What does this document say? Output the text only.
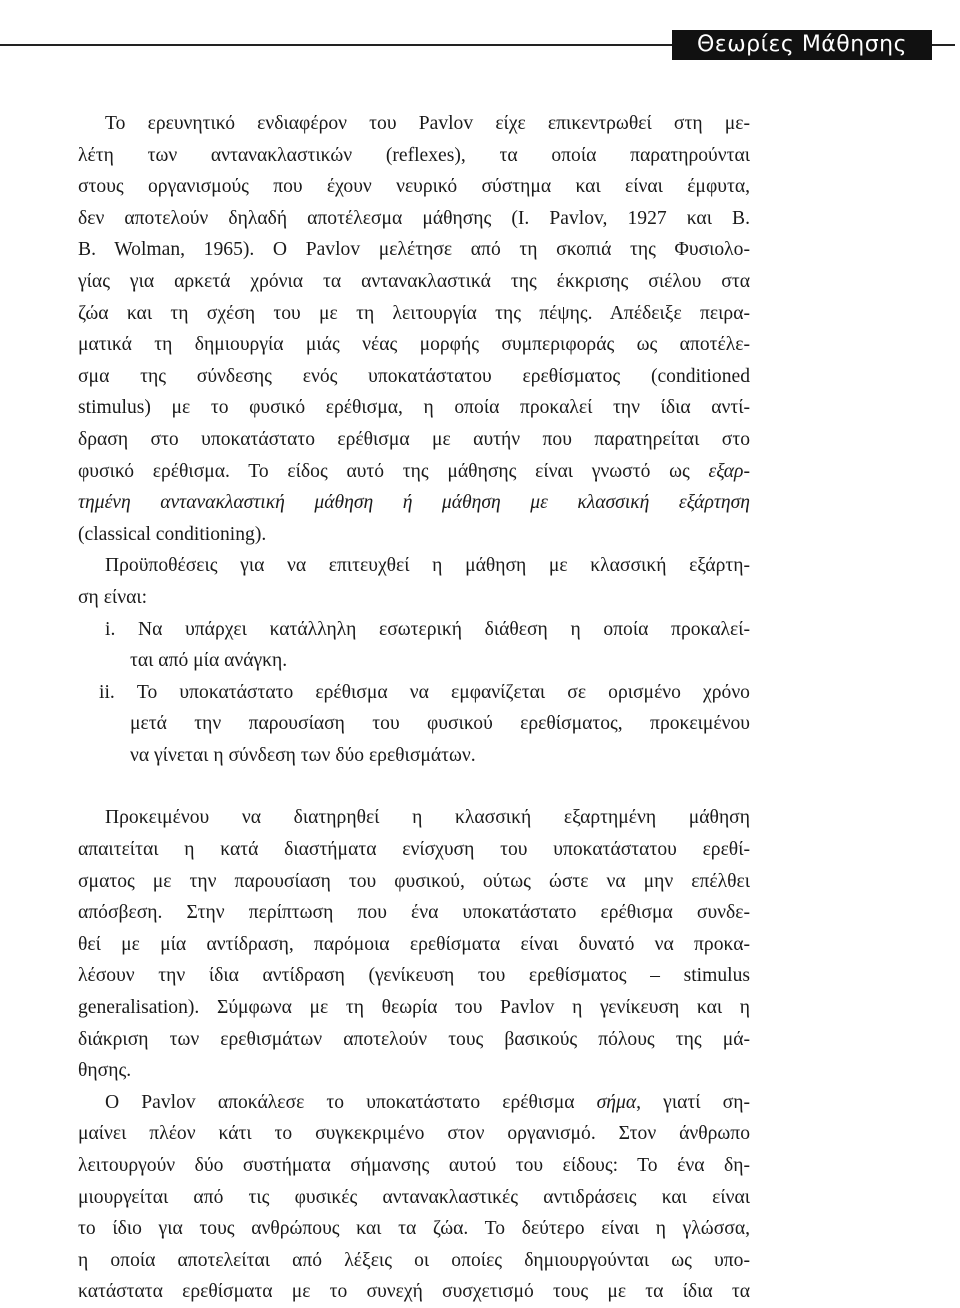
Θεωρίες Μάθησης
Το ερευνητικό ενδιαφέρον του Pavlov είχε επικεντρωθεί στη με-
λέτη των αντανακλαστικών (reflexes), τα οποία παρατηρούνται
στους οργανισμούς που έχουν νευρικό σύστημα και είναι έμφυτα,
δεν αποτελούν δηλαδή αποτέλεσμα μάθησης (I. Pavlov, 1927 και B.
B. Wolman, 1965). Ο Pavlov μελέτησε από τη σκοπιά της Φυσιολο-
γίας για αρκετά χρόνια τα αντανακλαστικά της έκκρισης σιέλου στα
ζώα και τη σχέση του με τη λειτουργία της πέψης. Απέδειξε πειρα-
ματικά τη δημιουργία μιάς νέας μορφής συμπεριφοράς ως αποτέλε-
σμα της σύνδεσης ενός υποκατάστατου ερεθίσματος (conditioned
stimulus) με το φυσικό ερέθισμα, η οποία προκαλεί την ίδια αντί-
δραση στο υποκατάστατο ερέθισμα με αυτήν που παρατηρείται στο
φυσικό ερέθισμα. Το είδος αυτό της μάθησης είναι γνωστό ως εξαρ-
τημένη αντανακλαστική μάθηση ή μάθηση με κλασσική εξάρτηση
(classical conditioning).
Προϋποθέσεις για να επιτευχθεί η μάθηση με κλασσική εξάρτη-
ση είναι:
i. Να υπάρχει κατάλληλη εσωτερική διάθεση η οποία προκαλεί-
ται από μία ανάγκη.
ii. Το υποκατάστατο ερέθισμα να εμφανίζεται σε ορισμένο χρόνο
μετά την παρουσίαση του φυσικού ερεθίσματος, προκειμένου
να γίνεται η σύνδεση των δύο ερεθισμάτων.
Προκειμένου να διατηρηθεί η κλασσική εξαρτημένη μάθηση
απαιτείται η κατά διαστήματα ενίσχυση του υποκατάστατου ερεθί-
σματος με την παρουσίαση του φυσικού, ούτως ώστε να μην επέλθει
απόσβεση. Στην περίπτωση που ένα υποκατάστατο ερέθισμα συνδε-
θεί με μία αντίδραση, παρόμοια ερεθίσματα είναι δυνατό να προκα-
λέσουν την ίδια αντίδραση (γενίκευση του ερεθίσματος – stimulus
generalisation). Σύμφωνα με τη θεωρία του Pavlov η γενίκευση και η
διάκριση των ερεθισμάτων αποτελούν τους βασικούς πόλους της μά-
θησης.
Ο Pavlov αποκάλεσε το υποκατάστατο ερέθισμα σήμα, γιατί ση-
μαίνει πλέον κάτι το συγκεκριμένο στον οργανισμό. Στον άνθρωπο
λειτουργούν δύο συστήματα σήμανσης αυτού του είδους: Το ένα δη-
μιουργείται από τις φυσικές αντανακλαστικές αντιδράσεις και είναι
το ίδιο για τους ανθρώπους και τα ζώα. Το δεύτερο είναι η γλώσσα,
η οποία αποτελείται από λέξεις οι οποίες δημιουργούνται ως υπο-
κατάστατα ερεθίσματα με το συνεχή συσχετισμό τους με τα ίδια τα
